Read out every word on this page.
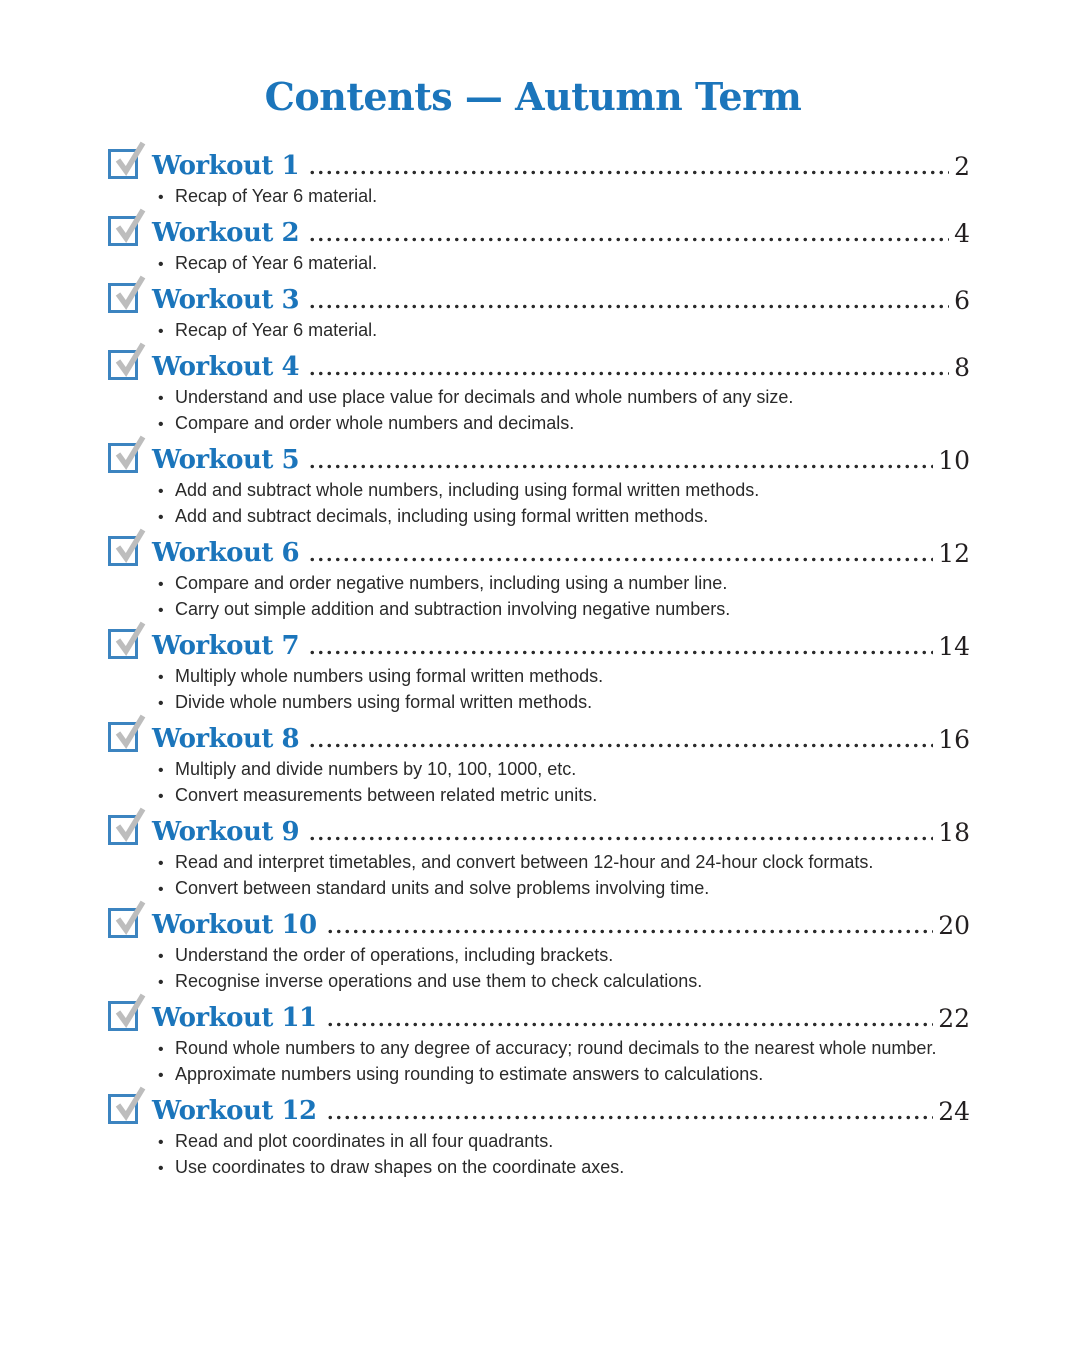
Contents — Autumn Term
Workout 1	2
• Recap of Year 6 material.
Workout 2	4
• Recap of Year 6 material.
Workout 3	6
• Recap of Year 6 material.
Workout 4	8
• Understand and use place value for decimals and whole numbers of any size.
• Compare and order whole numbers and decimals.
Workout 5	10
• Add and subtract whole numbers, including using formal written methods.
• Add and subtract decimals, including using formal written methods.
Workout 6	12
• Compare and order negative numbers, including using a number line.
• Carry out simple addition and subtraction involving negative numbers.
Workout 7	14
• Multiply whole numbers using formal written methods.
• Divide whole numbers using formal written methods.
Workout 8	16
• Multiply and divide numbers by 10, 100, 1000, etc.
• Convert measurements between related metric units.
Workout 9	18
• Read and interpret timetables, and convert between 12-hour and 24-hour clock formats.
• Convert between standard units and solve problems involving time.
Workout 10	20
• Understand the order of operations, including brackets.
• Recognise inverse operations and use them to check calculations.
Workout 11	22
• Round whole numbers to any degree of accuracy; round decimals to the nearest whole number.
• Approximate numbers using rounding to estimate answers to calculations.
Workout 12	24
• Read and plot coordinates in all four quadrants.
• Use coordinates to draw shapes on the coordinate axes.
